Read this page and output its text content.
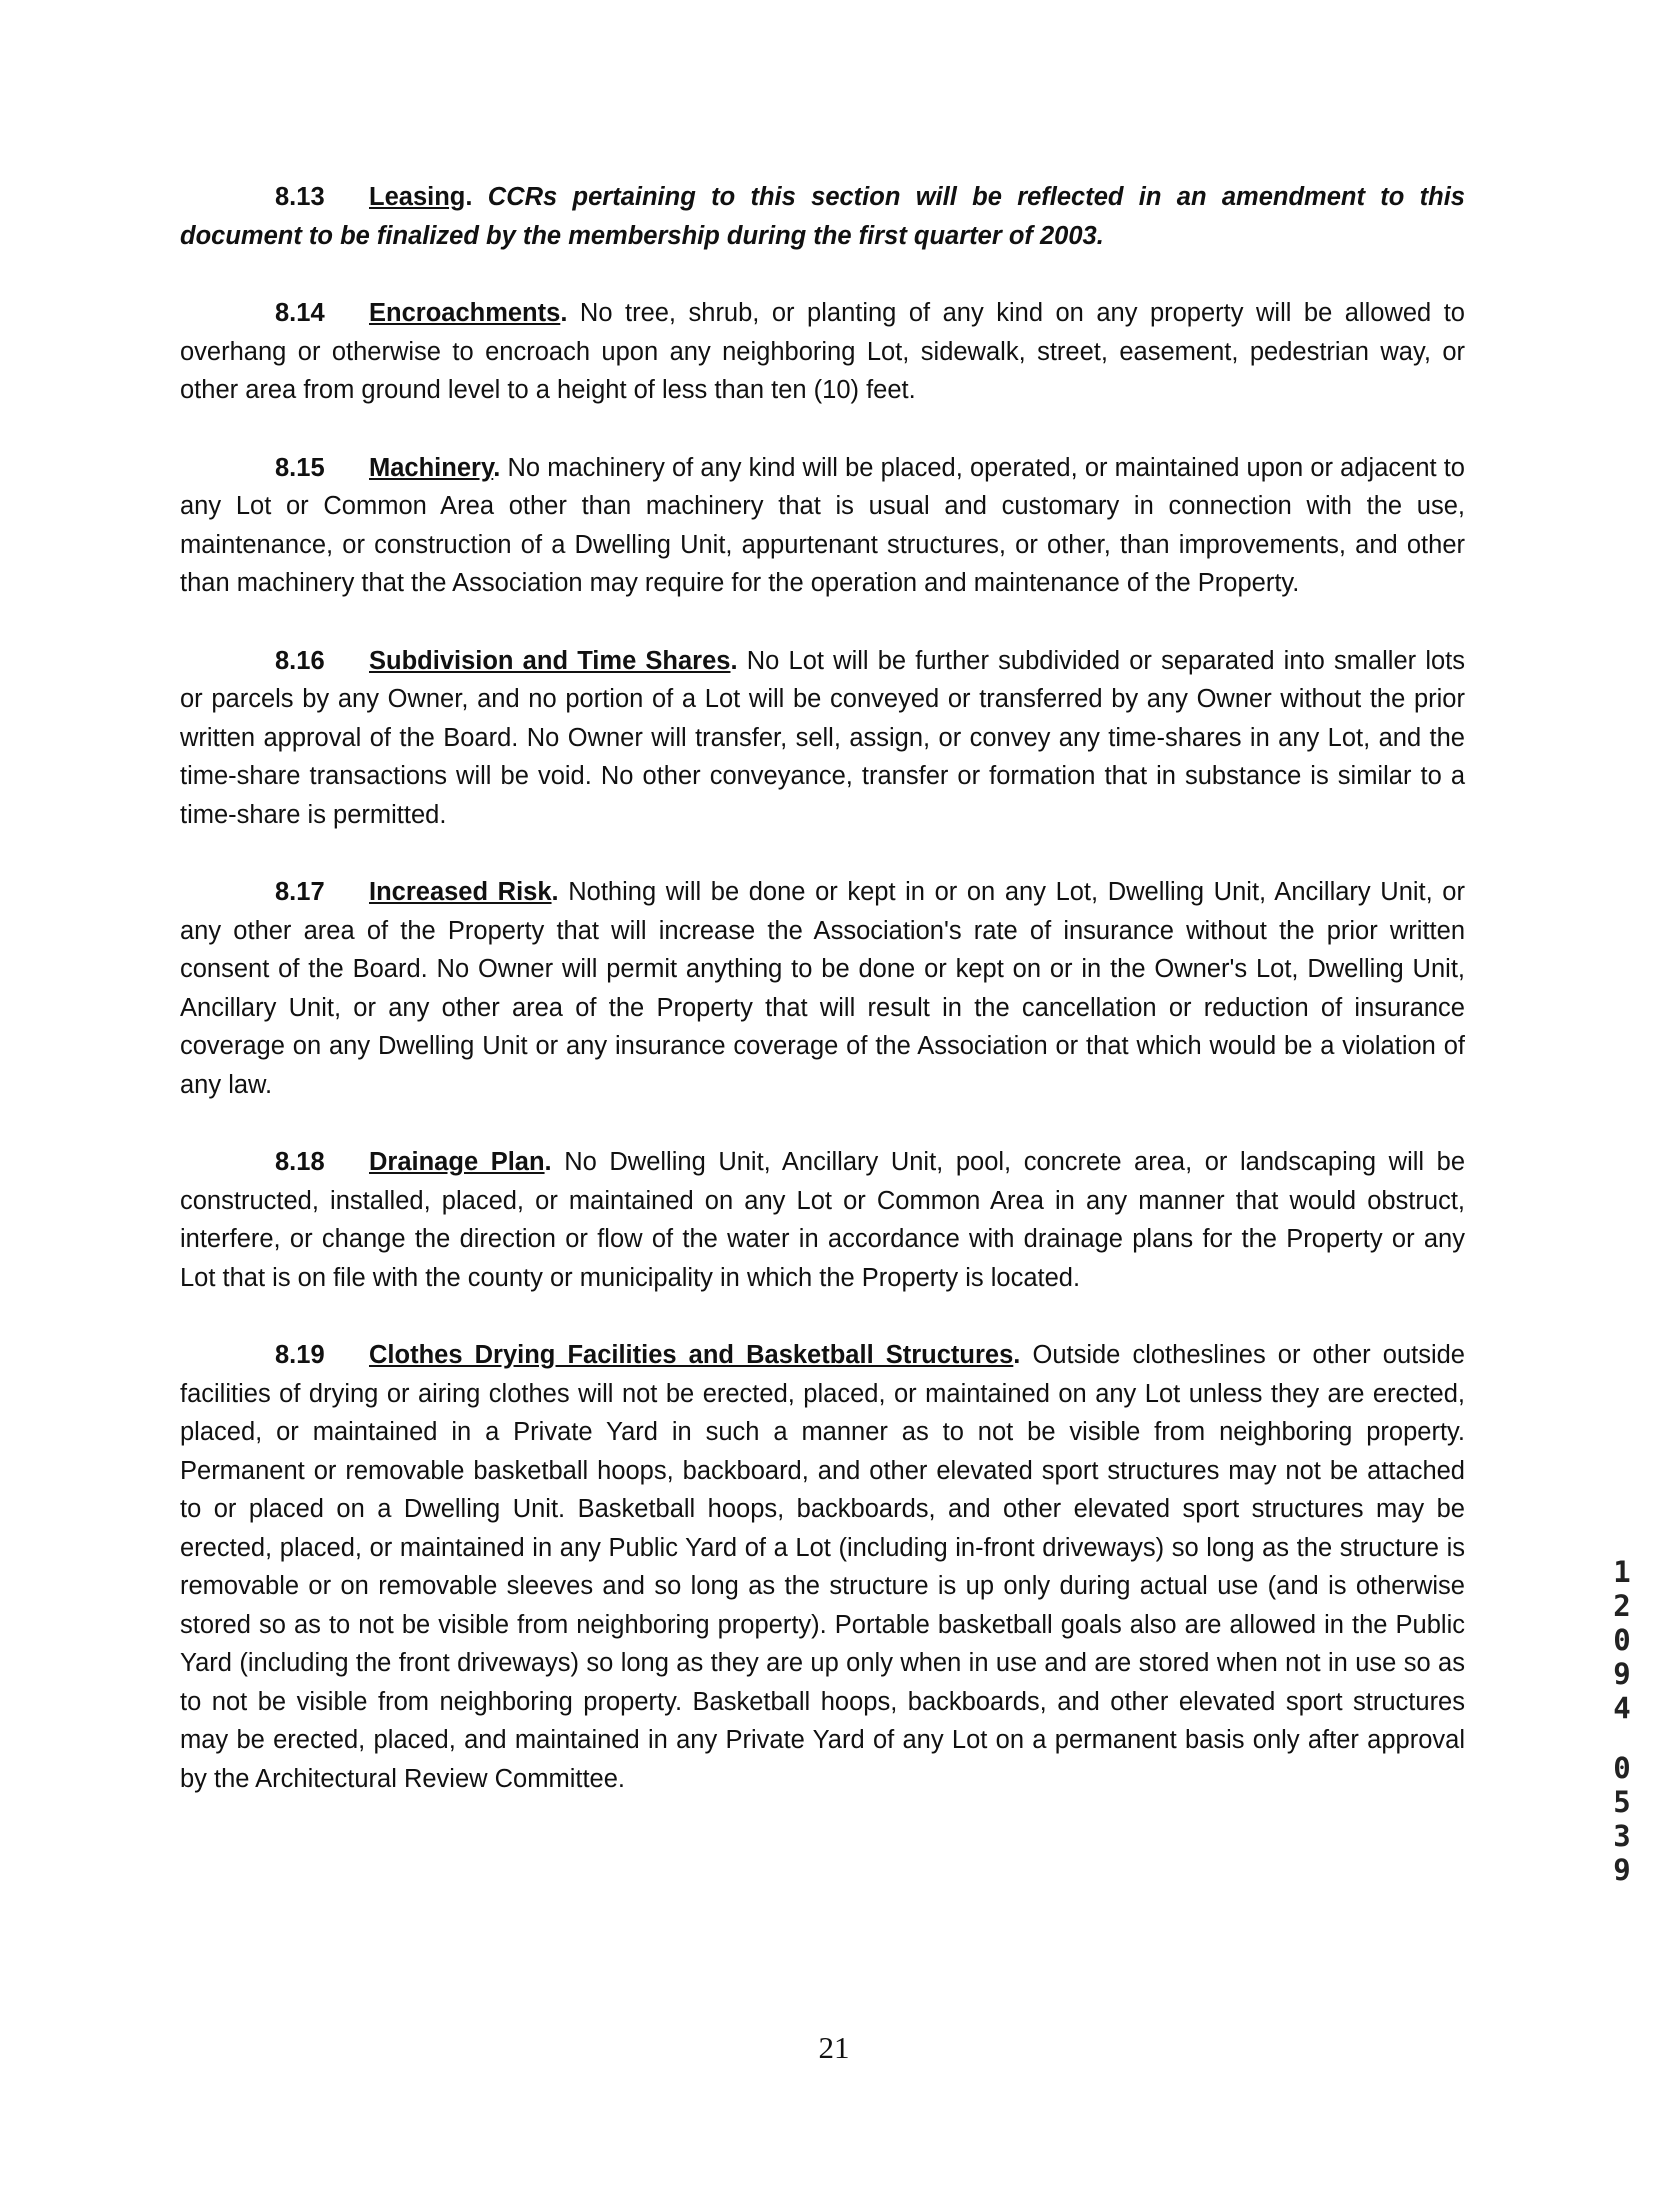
8.13 Leasing. CCRs pertaining to this section will be reflected in an amendment to this document to be finalized by the membership during the first quarter of 2003.

8.14 Encroachments. No tree, shrub, or planting of any kind on any property will be allowed to overhang or otherwise to encroach upon any neighboring Lot, sidewalk, street, easement, pedestrian way, or other area from ground level to a height of less than ten (10) feet.

8.15 Machinery. No machinery of any kind will be placed, operated, or maintained upon or adjacent to any Lot or Common Area other than machinery that is usual and customary in connection with the use, maintenance, or construction of a Dwelling Unit, appurtenant structures, or other, than improvements, and other than machinery that the Association may require for the operation and maintenance of the Property.

8.16 Subdivision and Time Shares. No Lot will be further subdivided or separated into smaller lots or parcels by any Owner, and no portion of a Lot will be conveyed or transferred by any Owner without the prior written approval of the Board. No Owner will transfer, sell, assign, or convey any time-shares in any Lot, and the time-share transactions will be void. No other conveyance, transfer or formation that in substance is similar to a time-share is permitted.

8.17 Increased Risk. Nothing will be done or kept in or on any Lot, Dwelling Unit, Ancillary Unit, or any other area of the Property that will increase the Association's rate of insurance without the prior written consent of the Board. No Owner will permit anything to be done or kept on or in the Owner's Lot, Dwelling Unit, Ancillary Unit, or any other area of the Property that will result in the cancellation or reduction of insurance coverage on any Dwelling Unit or any insurance coverage of the Association or that which would be a violation of any law.

8.18 Drainage Plan. No Dwelling Unit, Ancillary Unit, pool, concrete area, or landscaping will be constructed, installed, placed, or maintained on any Lot or Common Area in any manner that would obstruct, interfere, or change the direction or flow of the water in accordance with drainage plans for the Property or any Lot that is on file with the county or municipality in which the Property is located.

8.19 Clothes Drying Facilities and Basketball Structures. Outside clotheslines or other outside facilities of drying or airing clothes will not be erected, placed, or maintained on any Lot unless they are erected, placed, or maintained in a Private Yard in such a manner as to not be visible from neighboring property. Permanent or removable basketball hoops, backboard, and other elevated sport structures may not be attached to or placed on a Dwelling Unit. Basketball hoops, backboards, and other elevated sport structures may be erected, placed, or maintained in any Public Yard of a Lot (including in-front driveways) so long as the structure is removable or on removable sleeves and so long as the structure is up only during actual use (and is otherwise stored so as to not be visible from neighboring property). Portable basketball goals also are allowed in the Public Yard (including the front driveways) so long as they are up only when in use and are stored when not in use so as to not be visible from neighboring property. Basketball hoops, backboards, and other elevated sport structures may be erected, placed, and maintained in any Private Yard of any Lot on a permanent basis only after approval by the Architectural Review Committee.

1
2
0
9
4
0
5
3
9
21
